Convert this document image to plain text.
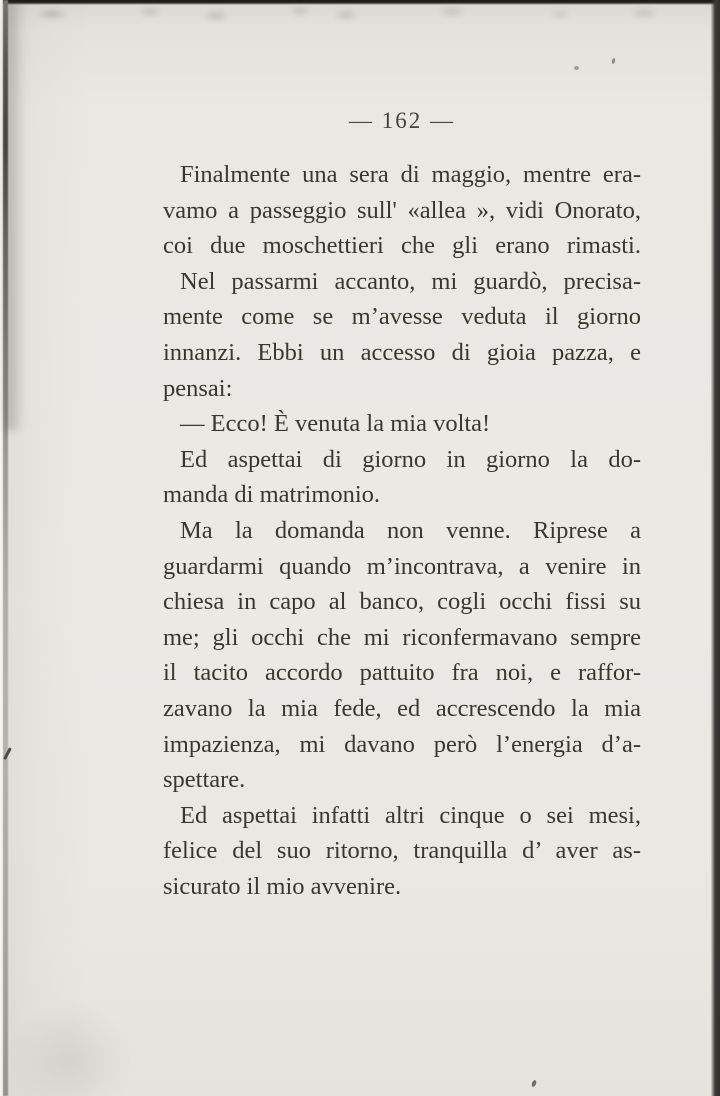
— 162 —
Finalmente una sera di maggio, mentre era-
vamo a passeggio sull' «allea », vidi Onorato,
coi due moschettieri che gli erano rimasti.
Nel passarmi accanto, mi guardò, precisa-
mente come se m’avesse veduta il giorno
innanzi. Ebbi un accesso di gioia pazza, e
pensai:
— Ecco! È venuta la mia volta!
Ed aspettai di giorno in giorno la do-
manda di matrimonio.
Ma la domanda non venne. Riprese a
guardarmi quando m’incontrava, a venire in
chiesa in capo al banco, cogli occhi fissi su
me; gli occhi che mi riconfermavano sempre
il tacito accordo pattuito fra noi, e raffor-
zavano la mia fede, ed accrescendo la mia
impazienza, mi davano però l’energia d’a-
spettare.
Ed aspettai infatti altri cinque o sei mesi,
felice del suo ritorno, tranquilla d’ aver as-
sicurato il mio avvenire.
